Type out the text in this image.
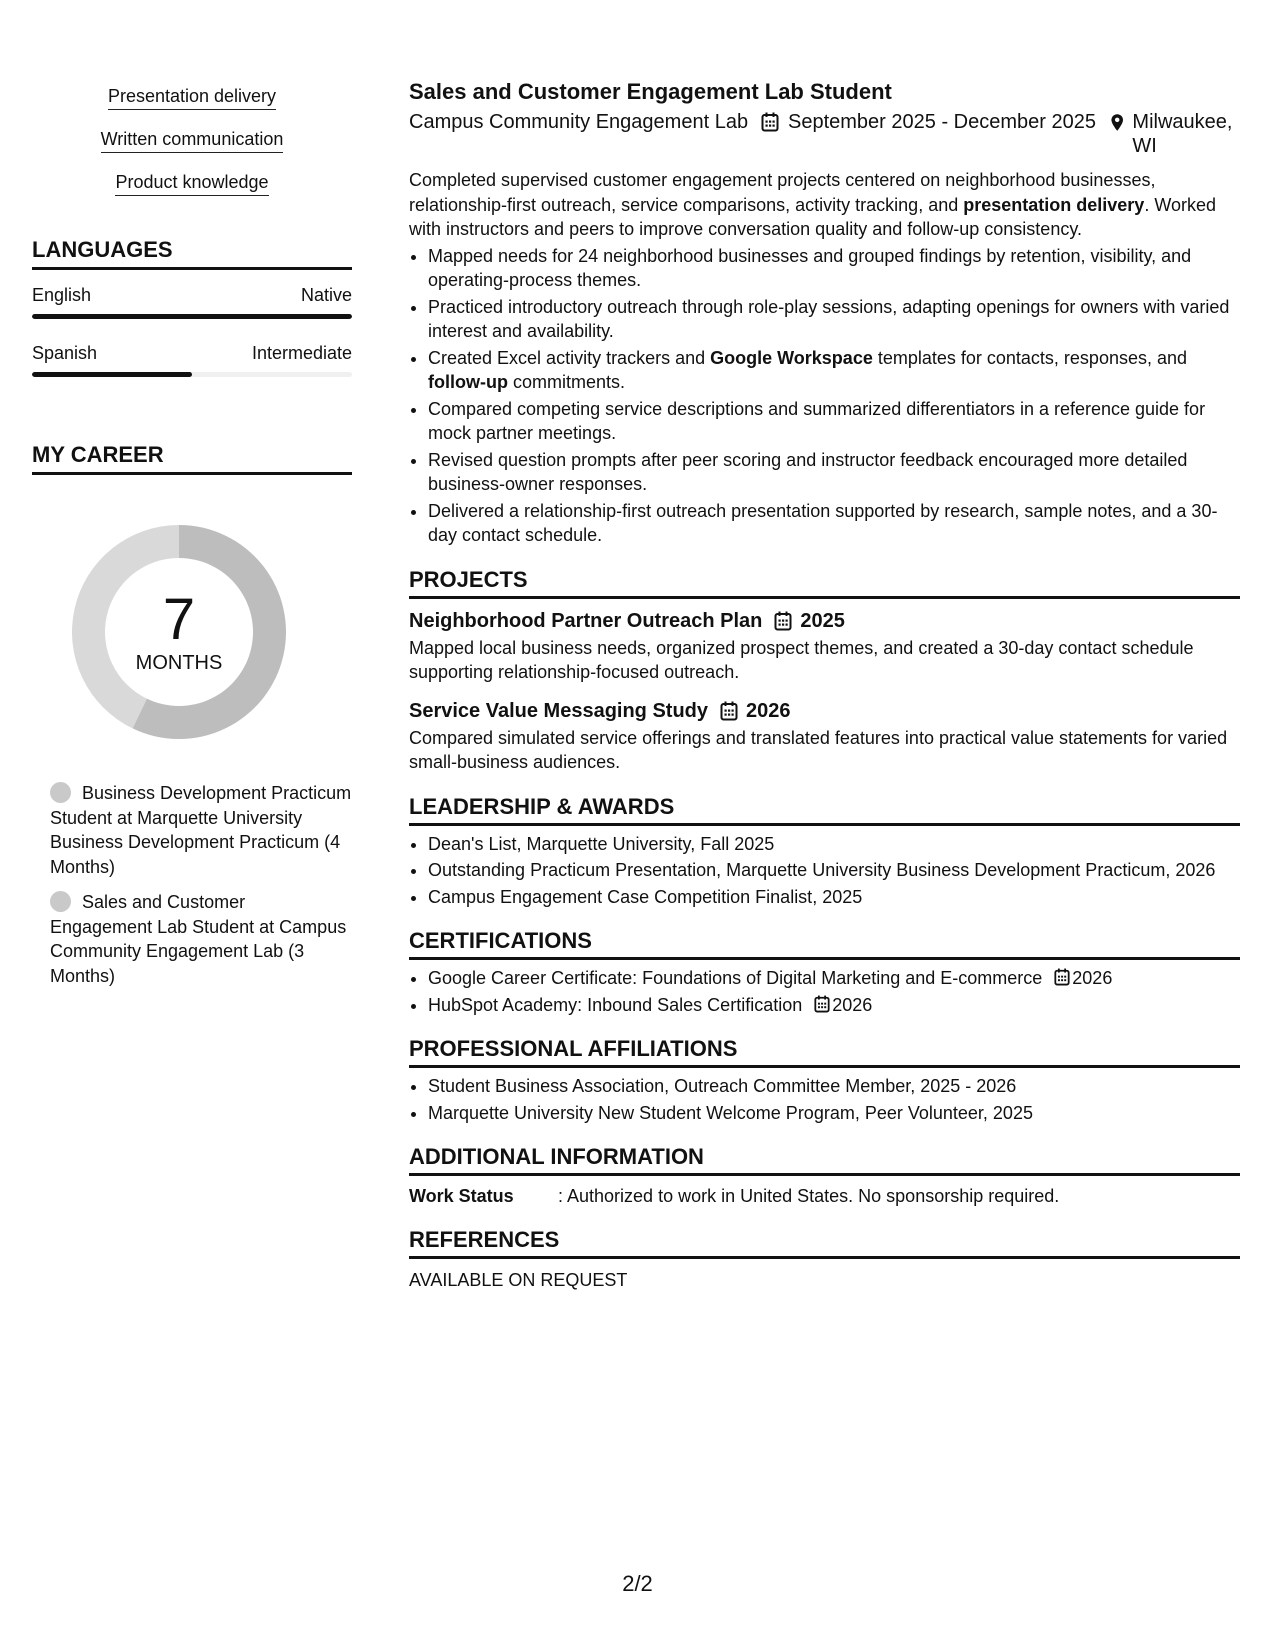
Presentation delivery
Written communication
Product knowledge
LANGUAGES
English	Native
Spanish	Intermediate
MY CAREER
7
MONTHS
Business Development Practicum Student at Marquette University Business Development Practicum (4 Months)
Sales and Customer Engagement Lab Student at Campus Community Engagement Lab (3 Months)
Sales and Customer Engagement Lab Student
Campus Community Engagement Lab	September 2025 - December 2025 Milwaukee, WI
Completed supervised customer engagement projects centered on neighborhood businesses, relationship-first outreach, service comparisons, activity tracking, and presentation delivery. Worked with instructors and peers to improve conversation quality and follow-up consistency.
• Mapped needs for 24 neighborhood businesses and grouped findings by retention, visibility, and operating-process themes.
• Practiced introductory outreach through role-play sessions, adapting openings for owners with varied interest and availability.
• Created Excel activity trackers and Google Workspace templates for contacts, responses, and follow-up commitments.
• Compared competing service descriptions and summarized differentiators in a reference guide for mock partner meetings.
• Revised question prompts after peer scoring and instructor feedback encouraged more detailed business-owner responses.
• Delivered a relationship-first outreach presentation supported by research, sample notes, and a 30-day contact schedule.
PROJECTS
Neighborhood Partner Outreach Plan 2025
Mapped local business needs, organized prospect themes, and created a 30-day contact schedule supporting relationship-focused outreach.
Service Value Messaging Study 2026
Compared simulated service offerings and translated features into practical value statements for varied small-business audiences.
LEADERSHIP & AWARDS
• Dean's List, Marquette University, Fall 2025
• Outstanding Practicum Presentation, Marquette University Business Development Practicum, 2026
• Campus Engagement Case Competition Finalist, 2025
CERTIFICATIONS
• Google Career Certificate: Foundations of Digital Marketing and E-commerce 2026
• HubSpot Academy: Inbound Sales Certification 2026
PROFESSIONAL AFFILIATIONS
• Student Business Association, Outreach Committee Member, 2025 - 2026
• Marquette University New Student Welcome Program, Peer Volunteer, 2025
ADDITIONAL INFORMATION
Work Status	: Authorized to work in United States. No sponsorship required.
REFERENCES
AVAILABLE ON REQUEST
2/2
